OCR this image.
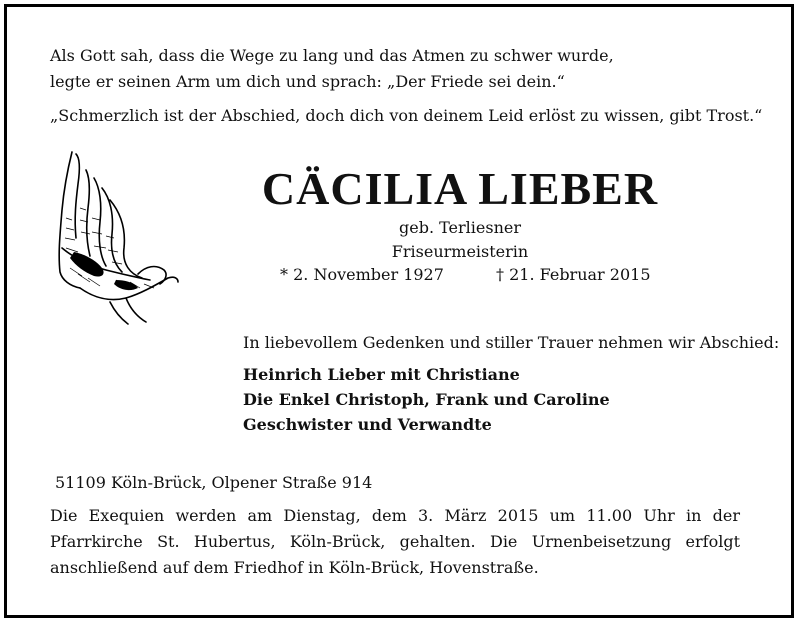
Als Gott sah, dass die Wege zu lang und das Atmen zu schwer wurde,
legte er seinen Arm um dich und sprach: „Der Friede sei dein.“
„Schmerzlich ist der Abschied, doch dich von deinem Leid erlöst zu wissen, gibt Trost.“
CÄCILIA LIEBER
geb. Terliesner
Friseurmeisterin
* 2. November 1927	† 21. Februar 2015
In liebevollem Gedenken und stiller Trauer nehmen wir Abschied:
Heinrich Lieber mit Christiane
Die Enkel Christoph, Frank und Caroline
Geschwister und Verwandte
51109 Köln-Brück, Olpener Straße 914
Die Exequien werden am Dienstag, dem 3. März 2015 um 11.00 Uhr in der Pfarrkirche St. Hubertus, Köln-Brück, gehalten. Die Urnenbeisetzung erfolgt anschließend auf dem Friedhof in Köln-Brück, Hovenstraße.
